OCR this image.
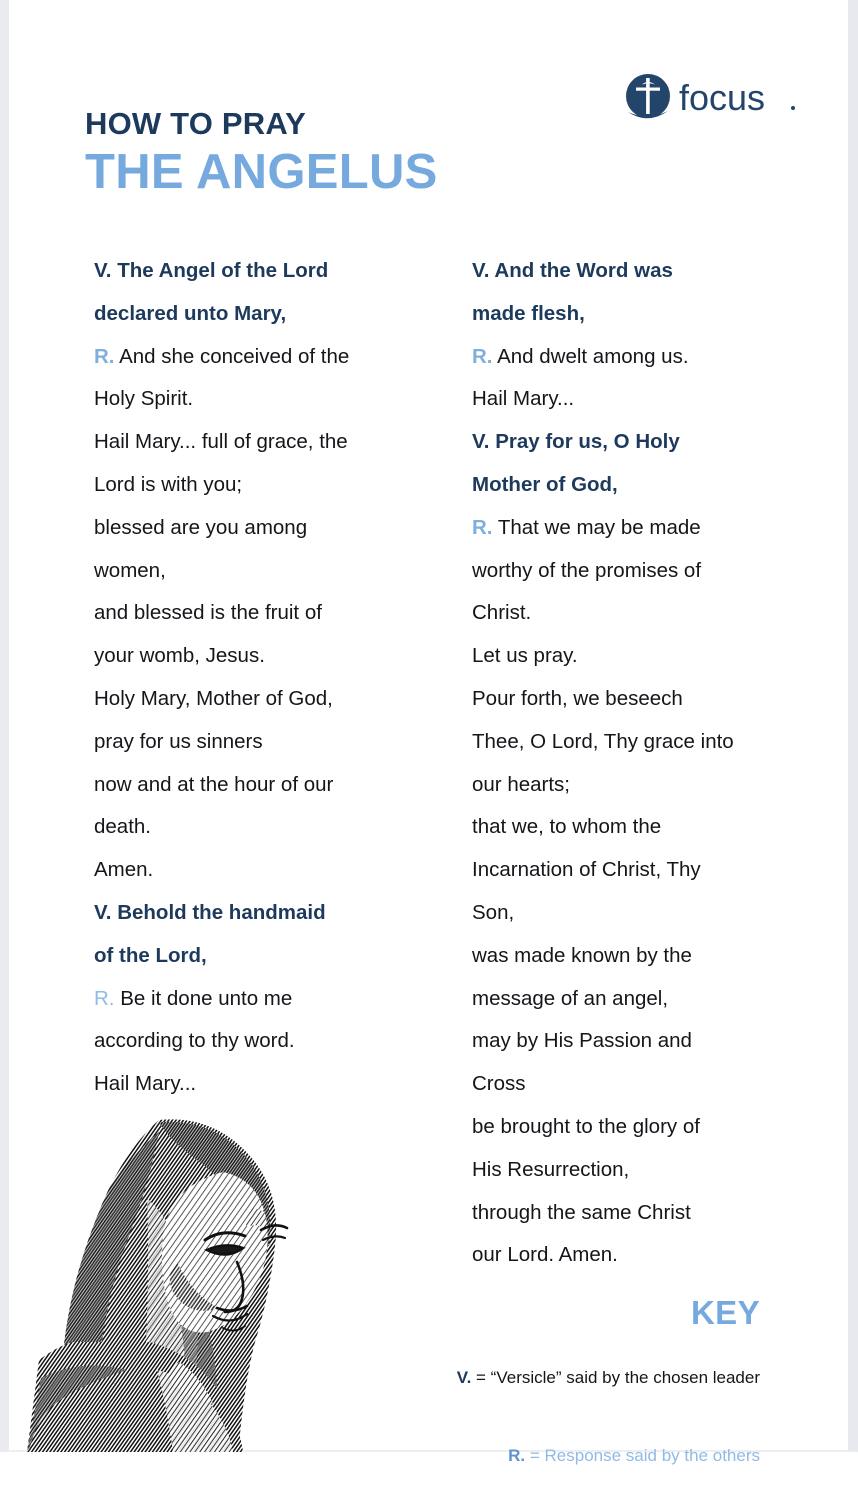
focus

HOW TO PRAY

THE ANGELUS

V. The Angel of the Lord
declared unto Mary,
R. And she conceived of the
Holy Spirit.
Hail Mary... full of grace, the
Lord is with you;
blessed are you among
women,
and blessed is the fruit of
your womb, Jesus.
Holy Mary, Mother of God,
pray for us sinners
now and at the hour of our
death.
Amen.
V. Behold the handmaid
of the Lord,
R. Be it done unto me
according to thy word.
Hail Mary...
V. And the Word was
made flesh,
R. And dwelt among us.
Hail Mary...
V. Pray for us, O Holy
Mother of God,
R. That we may be made
worthy of the promises of
Christ.
Let us pray.
Pour forth, we beseech
Thee, O Lord, Thy grace into
our hearts;
that we, to whom the
Incarnation of Christ, Thy
Son,
was made known by the
message of an angel,
may by His Passion and
Cross
be brought to the glory of
His Resurrection,
through the same Christ
our Lord. Amen.

KEY

V. = “Versicle” said by the chosen leader

R. = Response said by the others
